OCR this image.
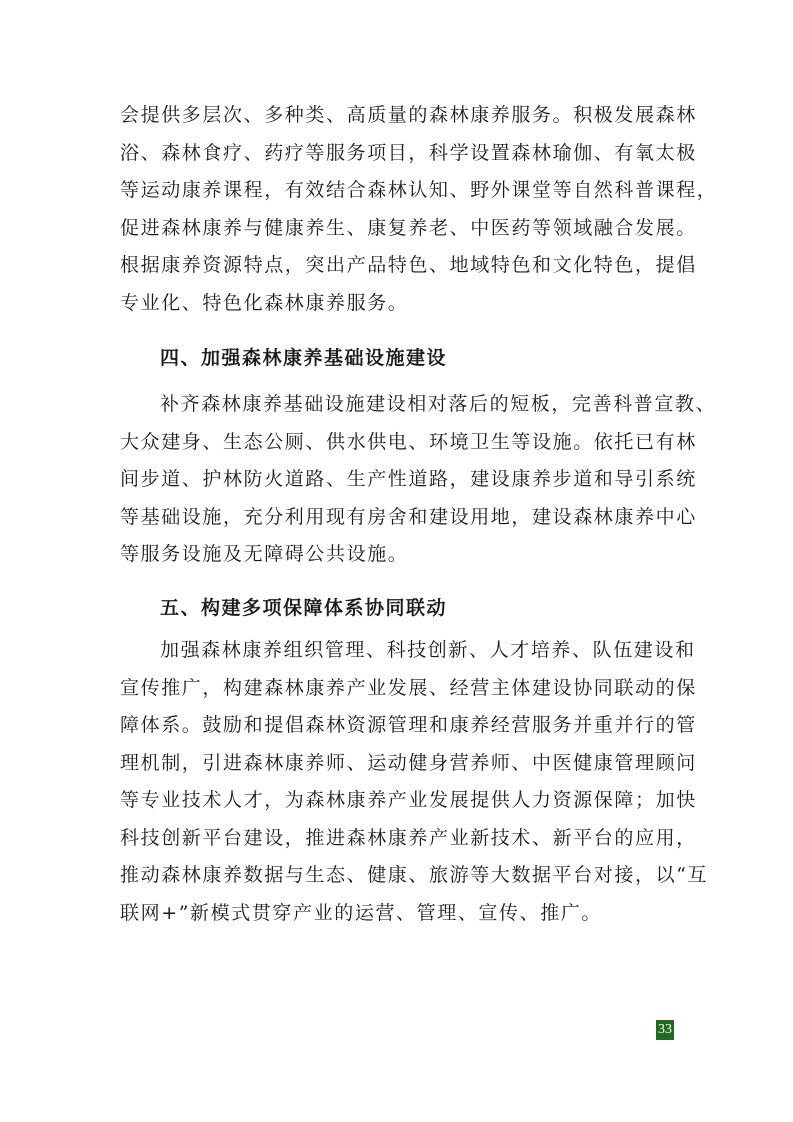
会提供多层次、多种类、高质量的森林康养服务。积极发展森林
浴、森林食疗、药疗等服务项目，科学设置森林瑜伽、有氧太极
等运动康养课程，有效结合森林认知、野外课堂等自然科普课程，
促进森林康养与健康养生、康复养老、中医药等领域融合发展。
根据康养资源特点，突出产品特色、地域特色和文化特色，提倡
专业化、特色化森林康养服务。
四、加强森林康养基础设施建设
补齐森林康养基础设施建设相对落后的短板，完善科普宣教、
大众建身、生态公厕、供水供电、环境卫生等设施。依托已有林
间步道、护林防火道路、生产性道路，建设康养步道和导引系统
等基础设施，充分利用现有房舍和建设用地，建设森林康养中心
等服务设施及无障碍公共设施。
五、构建多项保障体系协同联动
加强森林康养组织管理、科技创新、人才培养、队伍建设和
宣传推广，构建森林康养产业发展、经营主体建设协同联动的保
障体系。鼓励和提倡森林资源管理和康养经营服务并重并行的管
理机制，引进森林康养师、运动健身营养师、中医健康管理顾问
等专业技术人才，为森林康养产业发展提供人力资源保障；加快
科技创新平台建设，推进森林康养产业新技术、新平台的应用，
推动森林康养数据与生态、健康、旅游等大数据平台对接，以“互
联网+”新模式贯穿产业的运营、管理、宣传、推广。
33
